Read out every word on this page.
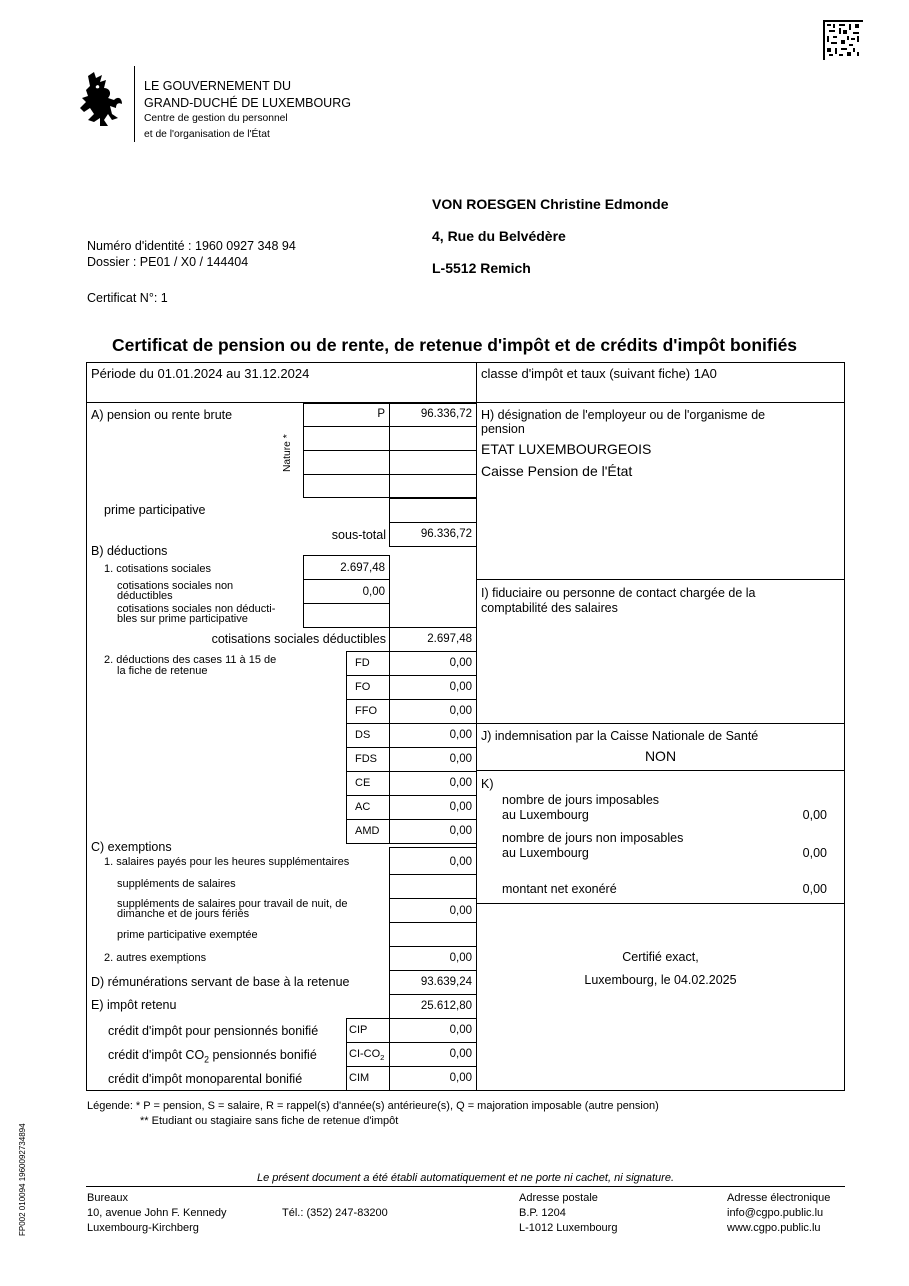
LE GOUVERNEMENT DU
GRAND-DUCHÉ DE LUXEMBOURG
Centre de gestion du personnel
et de l'organisation de l'État
VON ROESGEN Christine Edmonde
4, Rue du Belvédère
L-5512 Remich
Numéro d'identité : 1960 0927 348 94
Dossier : PE01 / X0 / 144404
Certificat N°: 1
Certificat de pension ou de rente, de retenue d'impôt et de crédits d'impôt bonifiés
Période du 01.01.2024 au 31.12.2024	classe d'impôt et taux (suivant fiche) 1A0
A) pension ou rente brute
Nature *
P	96.336,72
prime participative
sous-total	96.336,72
B) déductions
1. cotisations sociales	2.697,48
cotisations sociales non
déductibles	0,00
cotisations sociales non déducti-
bles sur prime participative
cotisations sociales déductibles	2.697,48
2. déductions des cases 11 à 15 de
la fiche de retenue
FD	0,00
FO	0,00
FFO	0,00
DS	0,00
FDS	0,00
CE	0,00
AC	0,00
AMD	0,00
C) exemptions
1. salaires payés pour les heures supplémentaires	0,00
suppléments de salaires
suppléments de salaires pour travail de nuit, de
dimanche et de jours fériés	0,00
prime participative exemptée
2. autres exemptions	0,00
D) rémunérations servant de base à la retenue	93.639,24
E) impôt retenu	25.612,80
crédit d'impôt pour pensionnés bonifié	CIP	0,00
crédit d'impôt $CO_2$ pensionnés bonifié	$CI-CO_2$	0,00
crédit d'impôt monoparental bonifié	CIM	0,00
H) désignation de l'employeur ou de l'organisme de
pension
ETAT LUXEMBOURGEOIS
Caisse Pension de l'État
I) fiduciaire ou personne de contact chargée de la
comptabilité des salaires
J) indemnisation par la Caisse Nationale de Santé
NON
K)
nombre de jours imposables
au Luxembourg	0,00
nombre de jours non imposables
au Luxembourg	0,00
montant net exonéré	0,00
Certifié exact,
Luxembourg, le 04.02.2025
Légende: * P = pension, S = salaire, R = rappel(s) d'année(s) antérieure(s), Q = majoration imposable (autre pension)
** Etudiant ou stagiaire sans fiche de retenue d'impôt
Le présent document a été établi automatiquement et ne porte ni cachet, ni signature.
Bureaux
10, avenue John F. Kennedy
Luxembourg-Kirchberg
Tél.: (352) 247-83200
Adresse postale
B.P. 1204
L-1012 Luxembourg
Adresse électronique
info@cgpo.public.lu
www.cgpo.public.lu
FP002 010094 196009273489​4
